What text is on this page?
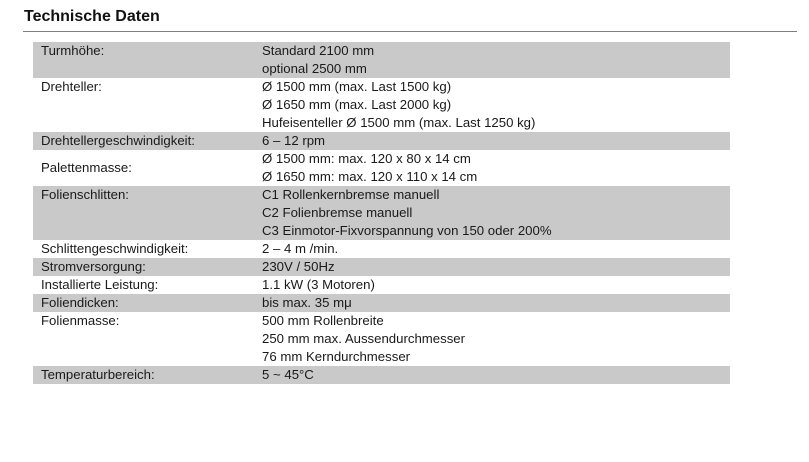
Technische Daten
Turmhöhe:	Standard 2100 mm
optional 2500 mm

Drehteller:	Ø 1500 mm (max. Last 1500 kg)
Ø 1650 mm (max. Last 2000 kg)
Hufeisenteller Ø 1500 mm (max. Last 1250 kg)

Drehtellergeschwindigkeit:	6 – 12 rpm

Palettenmasse:	Ø 1500 mm: max. 120 x 80 x 14 cm
Ø 1650 mm: max. 120 x 110 x 14 cm

Folienschlitten:	C1 Rollenkernbremse manuell
C2 Folienbremse manuell
C3 Einmotor-Fixvorspannung von 150 oder 200%

Schlittengeschwindigkeit:	2 – 4 m /min.

Stromversorgung:	230V / 50Hz

Installierte Leistung:	1.1 kW (3 Motoren)

Foliendicken:	bis max. 35 mμ

Folienmasse:	500 mm Rollenbreite
250 mm max. Aussendurchmesser
76 mm Kerndurchmesser

Temperaturbereich:	5 ~ 45°C
